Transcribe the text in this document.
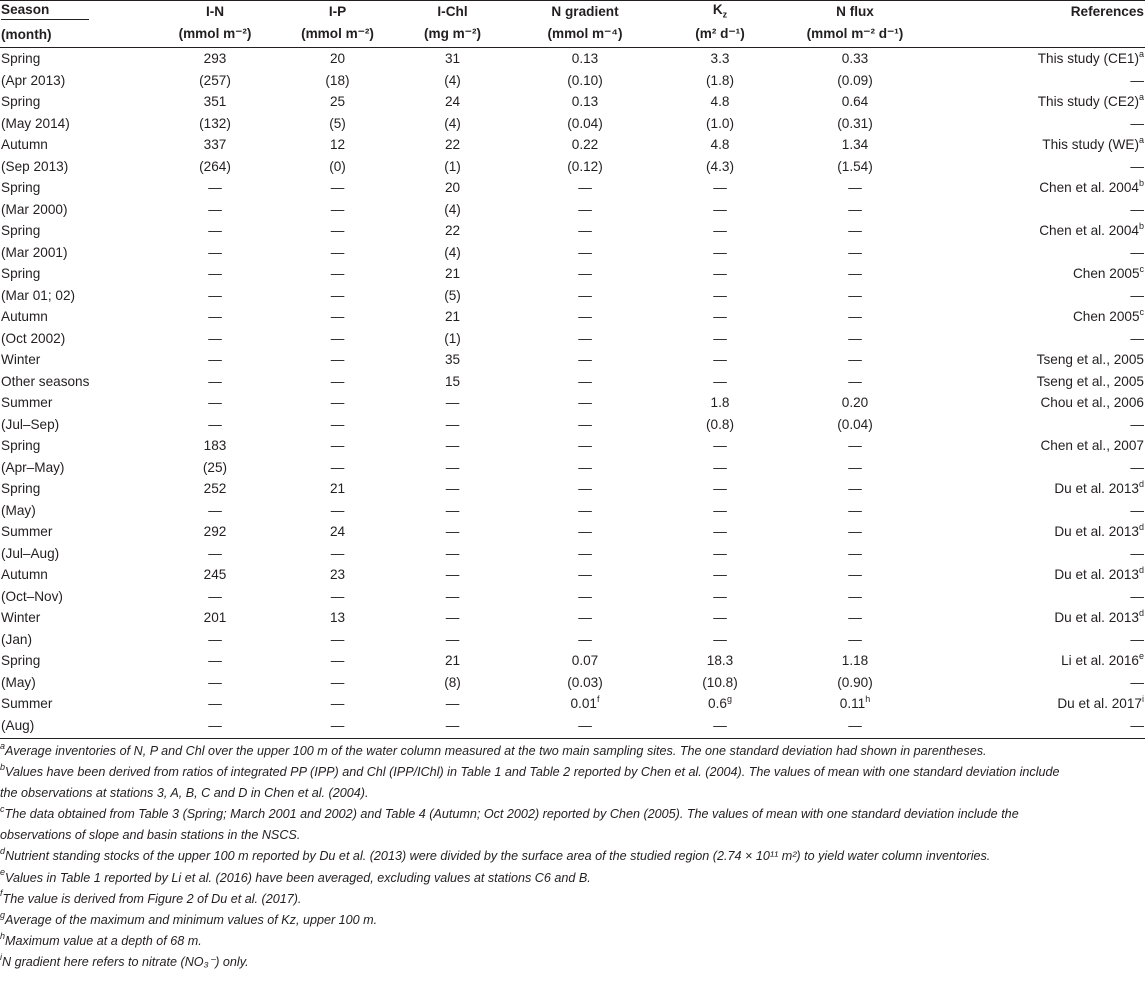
Season	I-N	I-P	I-Chl	N gradient	$K_z$	N flux	References
(month)	(mmol m⁻²)	(mmol m⁻²)	(mg m⁻²)	(mmol m⁻⁴)	(m² d⁻¹)	(mmol m⁻² d⁻¹)	
Spring	293	20	31	0.13	3.3	0.33	This study $(CE1)^a$
(Apr 2013)	(257)	(18)	(4)	(0.10)	(1.8)	(0.09)	—
Spring	351	25	24	0.13	4.8	0.64	This study $(CE2)^a$
(May 2014)	(132)	(5)	(4)	(0.04)	(1.0)	(0.31)	—
Autumn	337	12	22	0.22	4.8	1.34	This study (WE)$^a$
(Sep 2013)	(264)	(0)	(1)	(0.12)	(4.3)	(1.54)	—
Spring	—	—	20	—	—	—	Chen et al. 2004$^b$
(Mar 2000)	—	—	(4)	—	—	—	—
Spring	—	—	22	—	—	—	Chen et al. 2004$^b$
(Mar 2001)	—	—	(4)	—	—	—	—
Spring	—	—	21	—	—	—	Chen 2005$^c$
(Mar 01; 02)	—	—	(5)	—	—	—	—
Autumn	—	—	21	—	—	—	Chen 2005$^c$
(Oct 2002)	—	—	(1)	—	—	—	—
Winter	—	—	35	—	—	—	Tseng et al., 2005
Other seasons	—	—	15	—	—	—	Tseng et al., 2005
Summer	—	—	—	—	1.8	0.20	Chou et al., 2006
(Jul–Sep)	—	—	—	—	(0.8)	(0.04)	—
Spring	183	—	—	—	—	—	Chen et al., 2007
(Apr–May)	(25)	—	—	—	—	—	—
Spring	252	21	—	—	—	—	Du et al. 2013$^d$
(May)	—	—	—	—	—	—	—
Summer	292	24	—	—	—	—	Du et al. 2013$^d$
(Jul–Aug)	—	—	—	—	—	—	—
Autumn	245	23	—	—	—	—	Du et al. 2013$^d$
(Oct–Nov)	—	—	—	—	—	—	—
Winter	201	13	—	—	—	—	Du et al. 2013$^d$
(Jan)	—	—	—	—	—	—	—
Spring	—	—	21	0.07	18.3	1.18	Li et al. 2016e
(May)	—	—	(8)	(0.03)	(10.8)	(0.90)	—
Summer	—	—	—	0.01$^f$	0.6$^g$	0.11$^h$	Du et al. 2017$^i$
(Aug)	—	—	—	—	—	—	—
$^a$Average inventories of N, P and Chl over the upper 100 m of the water column measured at the two main sampling sites. The one standard deviation had shown in parentheses.
$^b$Values have been derived from ratios of integrated PP (IPP) and Chl (IPP/IChl) in Table 1 and Table 2 reported by Chen et al. (2004). The values of mean with one standard deviation include
the observations at stations 3, A, B, C and D in Chen et al. (2004).
$^c$The data obtained from Table 3 (Spring; March 2001 and 2002) and Table 4 (Autumn; Oct 2002) reported by Chen (2005). The values of mean with one standard deviation include the
observations of slope and basin stations in the NSCS.
$^d$Nutrient standing stocks of the upper 100 m reported by Du et al. (2013) were divided by the surface area of the studied region (2.74 × 10¹¹ m²) to yield water column inventories.
$^e$Values in Table 1 reported by Li et al. (2016) have been averaged, excluding values at stations C6 and B.
$^f$The value is derived from Figure 2 of Du et al. (2017).
$^g$Average of the maximum and minimum values of Kz, upper 100 m.
$^h$Maximum value at a depth of 68 m.
$^i$N gradient here refers to nitrate (NO₃⁻) only.
